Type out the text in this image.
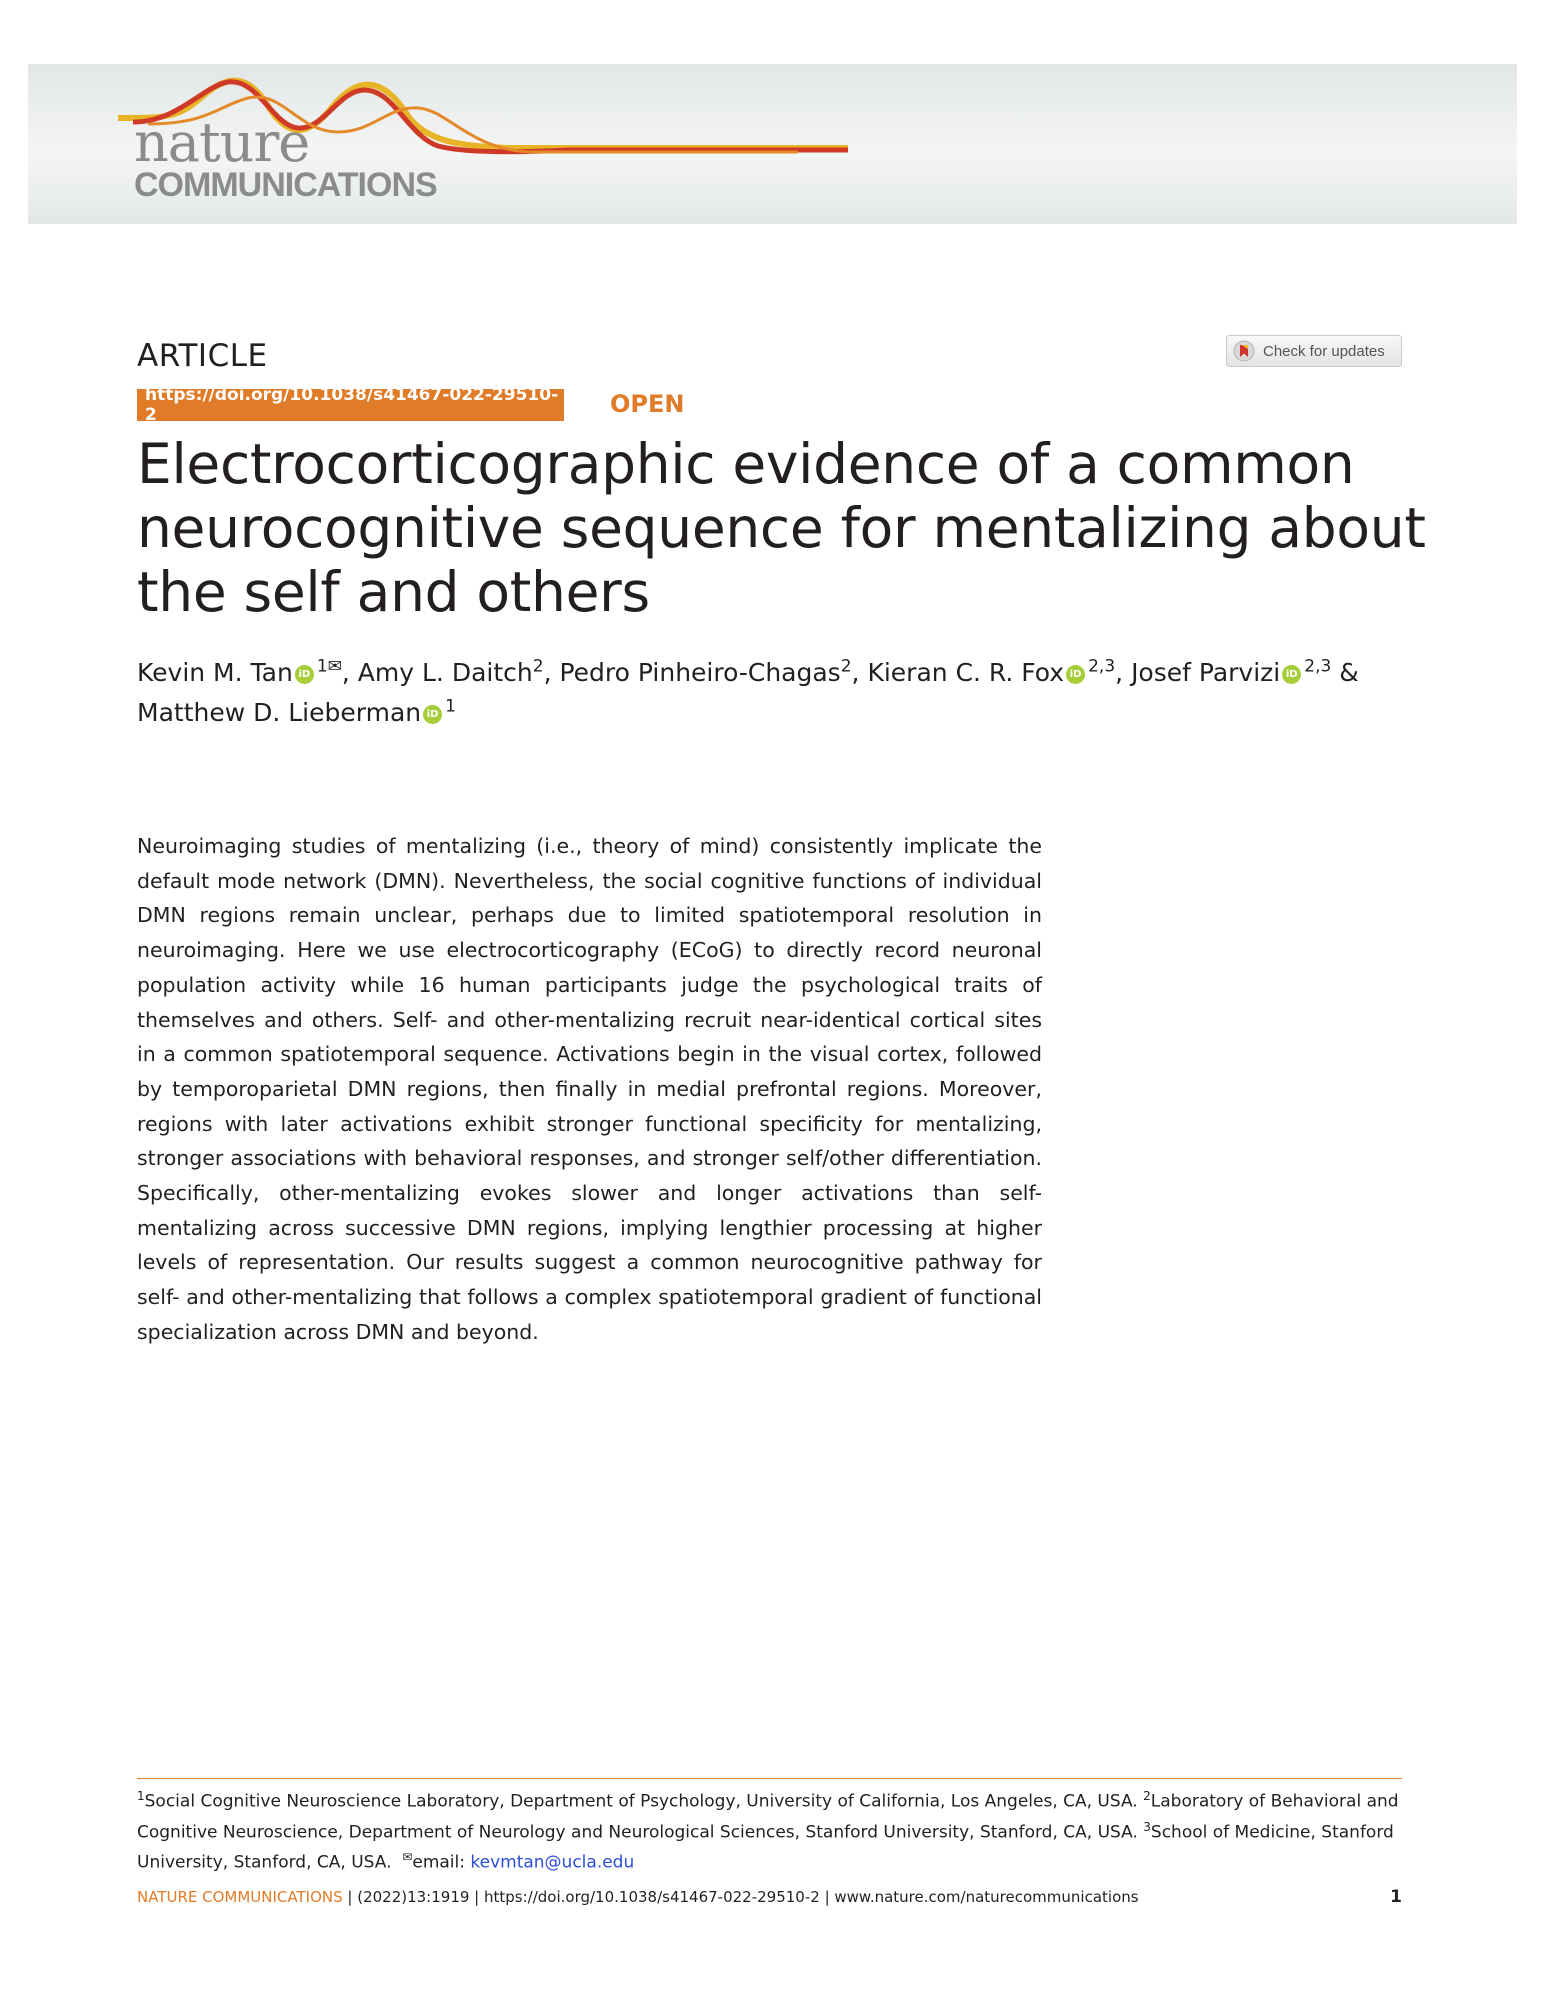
nature
COMMUNICATIONS
ARTICLE	Check for updates
https://doi.org/10.1038/s41467-022-29510-2	OPEN
Electrocorticographic evidence of a common neurocognitive sequence for mentalizing about the self and others
Kevin M. Tan iD $^{1✉}$, Amy L. Daitch$^2$, Pedro Pinheiro-Chagas$^2$, Kieran C. R. Fox iD $^{2,3}$, Josef Parvizi iD $^{2,3}$ & Matthew D. Lieberman iD $^1$
Neuroimaging studies of mentalizing (i.e., theory of mind) consistently implicate the default mode network (DMN). Nevertheless, the social cognitive functions of individual DMN regions remain unclear, perhaps due to limited spatiotemporal resolution in neuroimaging. Here we use electrocorticography (ECoG) to directly record neuronal population activity while 16 human participants judge the psychological traits of themselves and others. Self- and other-mentalizing recruit near-identical cortical sites in a common spatiotemporal sequence. Activations begin in the visual cortex, followed by temporoparietal DMN regions, then finally in medial prefrontal regions. Moreover, regions with later activations exhibit stronger functional specificity for mentalizing, stronger associations with behavioral responses, and stronger self/other differentiation. Specifically, other-mentalizing evokes slower and longer activations than self-mentalizing across successive DMN regions, implying lengthier processing at higher levels of representation. Our results suggest a common neurocognitive pathway for self- and other-mentalizing that follows a complex spatiotemporal gradient of functional specialization across DMN and beyond.
$^1$Social Cognitive Neuroscience Laboratory, Department of Psychology, University of California, Los Angeles, CA, USA. $^2$Laboratory of Behavioral and Cognitive Neuroscience, Department of Neurology and Neurological Sciences, Stanford University, Stanford, CA, USA. $^3$School of Medicine, Stanford University, Stanford, CA, USA. ✉email: kevmtan@ucla.edu
NATURE COMMUNICATIONS | (2022)13:1919 | https://doi.org/10.1038/s41467-022-29510-2 | www.nature.com/naturecommunications	1
